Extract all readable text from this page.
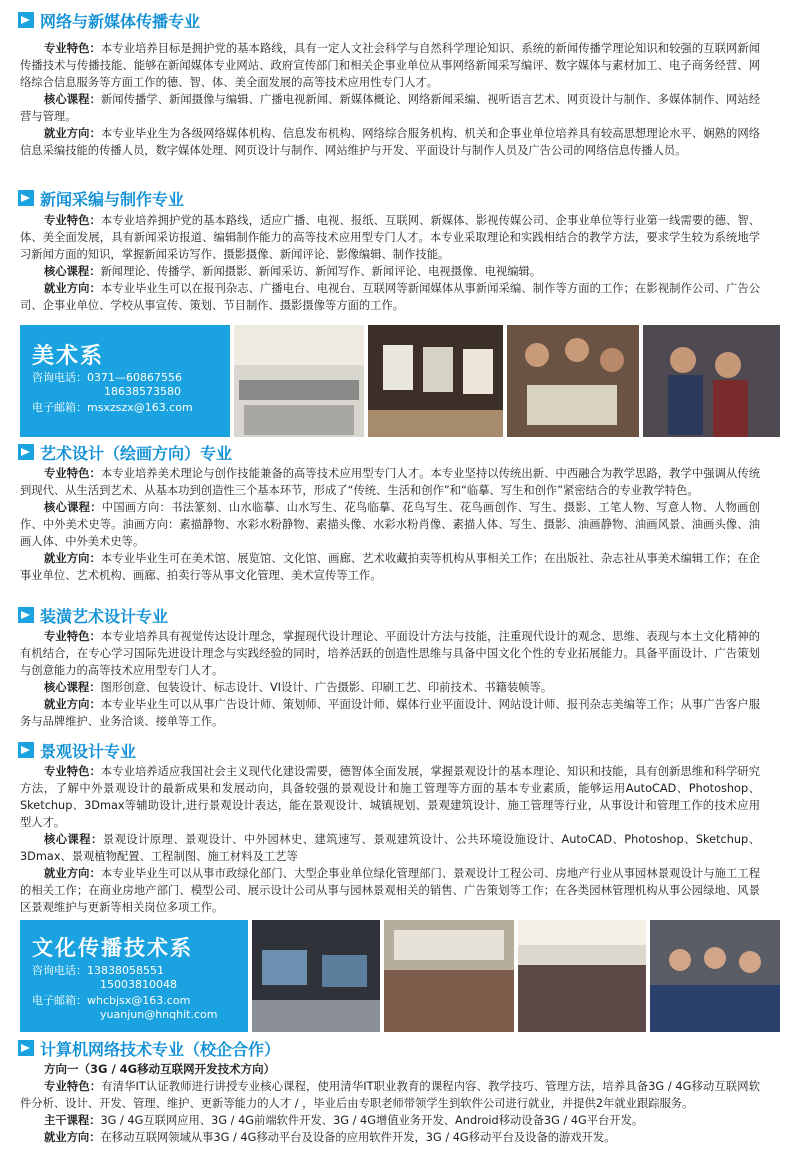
网络与新媒体传播专业

专业特色：本专业培养目标是拥护党的基本路线，具有一定人文社会科学与自然科学理论知识、系统的新闻传播学理论知识和较强的互联网新闻传播技术与传播技能、能够在新闻媒体专业网站、政府宣传部门和相关企事业单位从事网络新闻采写编评、数字媒体与素材加工、电子商务经营、网络综合信息服务等方面工作的德、智、体、美全面发展的高等技术应用性专门人才。

核心课程：新闻传播学、新闻摄像与编辑、广播电视新闻、新媒体概论、网络新闻采编、视听语言艺术、网页设计与制作、多媒体制作、网站经营与管理。

就业方向：本专业毕业生为各级网络媒体机构、信息发布机构、网络综合服务机构、机关和企事业单位培养具有较高思想理论水平、娴熟的网络信息采编技能的传播人员，数字媒体处理、网页设计与制作、网站维护与开发、平面设计与制作人员及广告公司的网络信息传播人员。

新闻采编与制作专业

专业特色：本专业培养拥护党的基本路线，适应广播、电视、报纸、互联网、新媒体、影视传媒公司、企事业单位等行业第一线需要的德、智、体、美全面发展，具有新闻采访报道、编辑制作能力的高等技术应用型专门人才。本专业采取理论和实践相结合的教学方法，要求学生较为系统地学习新闻方面的知识，掌握新闻采访写作、摄影摄像、新闻评论、影像编辑、制作技能。

核心课程：新闻理论、传播学、新闻摄影、新闻采访、新闻写作、新闻评论、电视摄像、电视编辑。

就业方向：本专业毕业生可以在报刊杂志、广播电台、电视台、互联网等新闻媒体从事新闻采编、制作等方面的工作；在影视制作公司、广告公司、企事业单位、学校从事宣传、策划、节目制作、摄影摄像等方面的工作。

美术系
咨询电话：0371—60867556
18638573580
电子邮箱：msxzszx@163.com
艺术设计（绘画方向）专业

专业特色：本专业培养美术理论与创作技能兼备的高等技术应用型专门人才。本专业坚持以传统出新、中西融合为教学思路，教学中强调从传统到现代、从生活到艺术、从基本功到创造性三个基本环节，形成了“传统、生活和创作”和“临摹、写生和创作”紧密结合的专业教学特色。

核心课程：中国画方向：书法篆刻、山水临摹、山水写生、花鸟临摹、花鸟写生、花鸟画创作、写生、摄影、工笔人物、写意人物、人物画创作、中外美术史等。油画方向：素描静物、水彩水粉静物、素描头像、水彩水粉肖像、素描人体、写生、摄影、油画静物、油画风景、油画头像、油画人体、中外美术史等。

就业方向：本专业毕业生可在美术馆、展览馆、文化馆、画廊、艺术收藏拍卖等机构从事相关工作；在出版社、杂志社从事美术编辑工作；在企事业单位、艺术机构、画廊、拍卖行等从事文化管理、美术宣传等工作。

装潢艺术设计专业

专业特色：本专业培养具有视觉传达设计理念，掌握现代设计理论、平面设计方法与技能，注重现代设计的观念、思维、表现与本土文化精神的有机结合，在专心学习国际先进设计理念与实践经验的同时，培养活跃的创造性思维与具备中国文化个性的专业拓展能力。具备平面设计、广告策划与创意能力的高等技术应用型专门人才。

核心课程：图形创意、包装设计、标志设计、VI设计、广告摄影、印刷工艺、印前技术、书籍装帧等。

就业方向：本专业毕业生可以从事广告设计师、策划师、平面设计师、媒体行业平面设计、网站设计师、报刊杂志美编等工作；从事广告客户服务与品牌维护、业务洽谈、接单等工作。

景观设计专业

专业特色：本专业培养适应我国社会主义现代化建设需要，德智体全面发展，掌握景观设计的基本理论、知识和技能，具有创新思维和科学研究方法，了解中外景观设计的最新成果和发展动向，具备较强的景观设计和施工管理等方面的基本专业素质，能够运用AutoCAD、Photoshop、Sketchup、3Dmax等辅助设计,进行景观设计表达，能在景观设计、城镇规划、景观建筑设计、施工管理等行业，从事设计和管理工作的技术应用型人才。

核心课程：景观设计原理、景观设计、中外园林史、建筑速写、景观建筑设计、公共环境设施设计、AutoCAD、Photoshop、Sketchup、3Dmax、景观植物配置、工程制图、施工材料及工艺等

就业方向：本专业毕业生可以从事市政绿化部门、大型企事业单位绿化管理部门、景观设计工程公司、房地产行业从事园林景观设计与施工工程的相关工作；在商业房地产部门、模型公司、展示设计公司从事与园林景观相关的销售、广告策划等工作；在各类园林管理机构从事公园绿地、风景区景观维护与更新等相关岗位多项工作。

文化传播技术系
咨询电话：13838058551
15003810048
电子邮箱：whcbjsx@163.com
yuanjun@hnqhit.com
计算机网络技术专业（校企合作）
方向一（3G / 4G移动互联网开发技术方向）

专业特色：有清华IT认证教师进行讲授专业核心课程，使用清华IT职业教育的课程内容、教学技巧、管理方法，培养具备3G / 4G移动互联网软件分析、设计、开发、管理、维护、更新等能力的人才 / ，毕业后由专职老师带领学生到软件公司进行就业，并提供2年就业跟踪服务。

主干课程：3G / 4G互联网应用、3G / 4G前端软件开发、3G / 4G增值业务开发、Android移动设备3G / 4G平台开发。

就业方向：在移动互联网领域从事3G / 4G移动平台及设备的应用软件开发，3G / 4G移动平台及设备的游戏开发。
